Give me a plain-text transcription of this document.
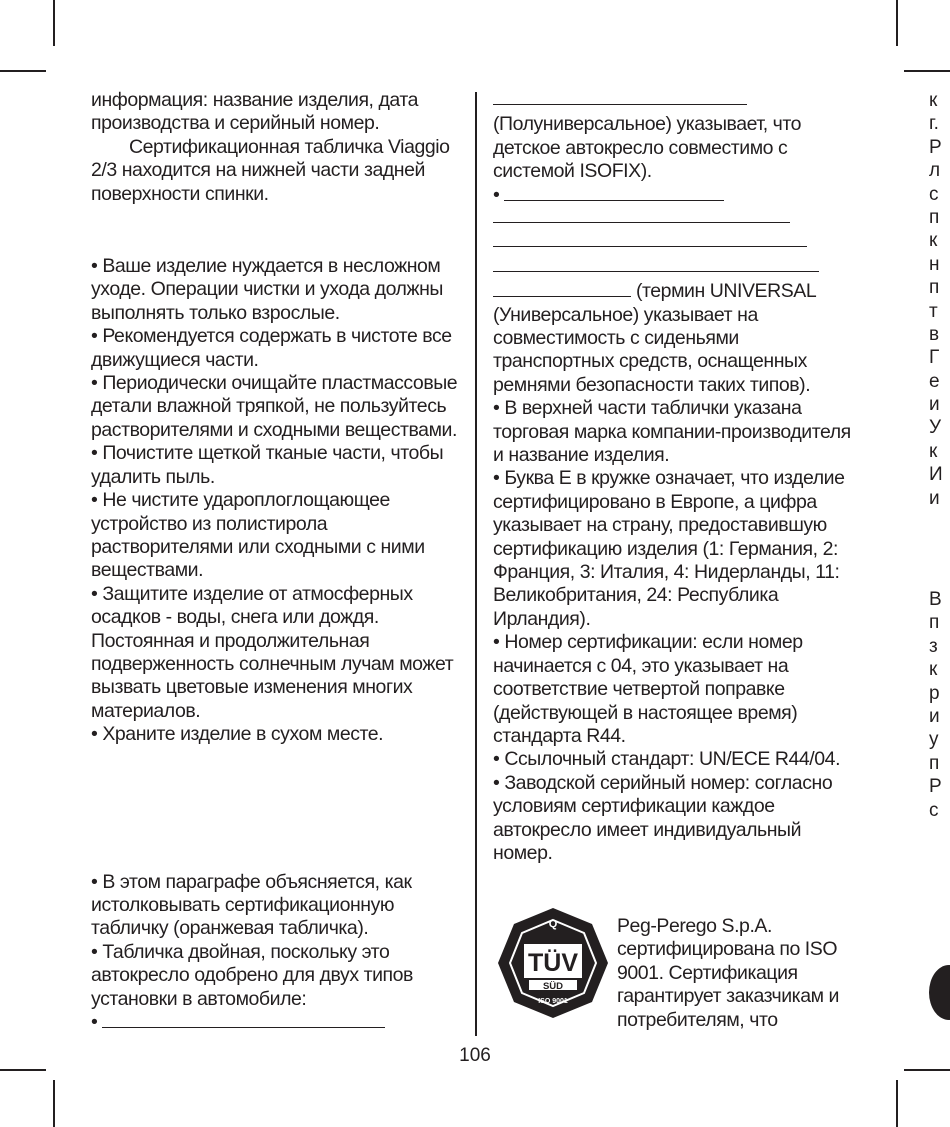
информация: название изделия, дата производства и серийный номер.

Сертификационная табличка Viaggio 2/3 находится на нижней части задней поверхности спинки.

• Ваше изделие нуждается в несложном уходе. Операции чистки и ухода должны выполнять только взрослые.

• Рекомендуется содержать в чистоте все движущиеся части.

• Периодически очищайте пластмассовые детали влажной тряпкой, не пользуйтесь растворителями и сходными веществами.

• Почистите щеткой тканые части, чтобы удалить пыль.

• Не чистите удароплоглощающее устройство из полистирола растворителями или сходными с ними веществами.

• Защитите изделие от атмосферных осадков - воды, снега или дождя. Постоянная и продолжительная подверженность солнечным лучам может вызвать цветовые изменения многих материалов.

• Храните изделие в сухом месте.

• В этом параграфе объясняется, как истолковывать сертификационную табличку (оранжевая табличка).

• Табличка двойная, поскольку это автокресло одобрено для двух типов установки в автомобиле:

•

(Полуниверсальное) указывает, что детское автокресло совместимо с системой ISOFIX).

•

(термин UNIVERSAL (Универсальное) указывает на совместимость с сиденьями транспортных средств, оснащенных ремнями безопасности таких типов).

• В верхней части таблички указана торговая марка компании-производителя и название изделия.

• Буква E в кружке означает, что изделие сертифицировано в Европе, а цифра указывает на страну, предоставившую сертификацию изделия (1: Германия, 2: Франция, 3: Италия, 4: Нидерланды, 11: Великобритания, 24: Республика Ирландия).

• Номер сертификации: если номер начинается с 04, это указывает на соответствие четвертой поправке (действующей в настоящее время) стандарта R44.

• Ссылочный стандарт: UN/ECE R44/04.

• Заводской серийный номер: согласно условиям сертификации каждое автокресло имеет индивидуальный номер.

Q
TÜV
SÜD
ISO 9001
Peg-Perego S.p.A. сертифицирована по ISO 9001. Сертификация гарантирует заказчикам и потребителям, что
к
г.
Р
л
с
п
к
н
п
т
в
Г
е
и
У
к
И
и
В
п
з
к
р
и
у
п
Р
с
106
